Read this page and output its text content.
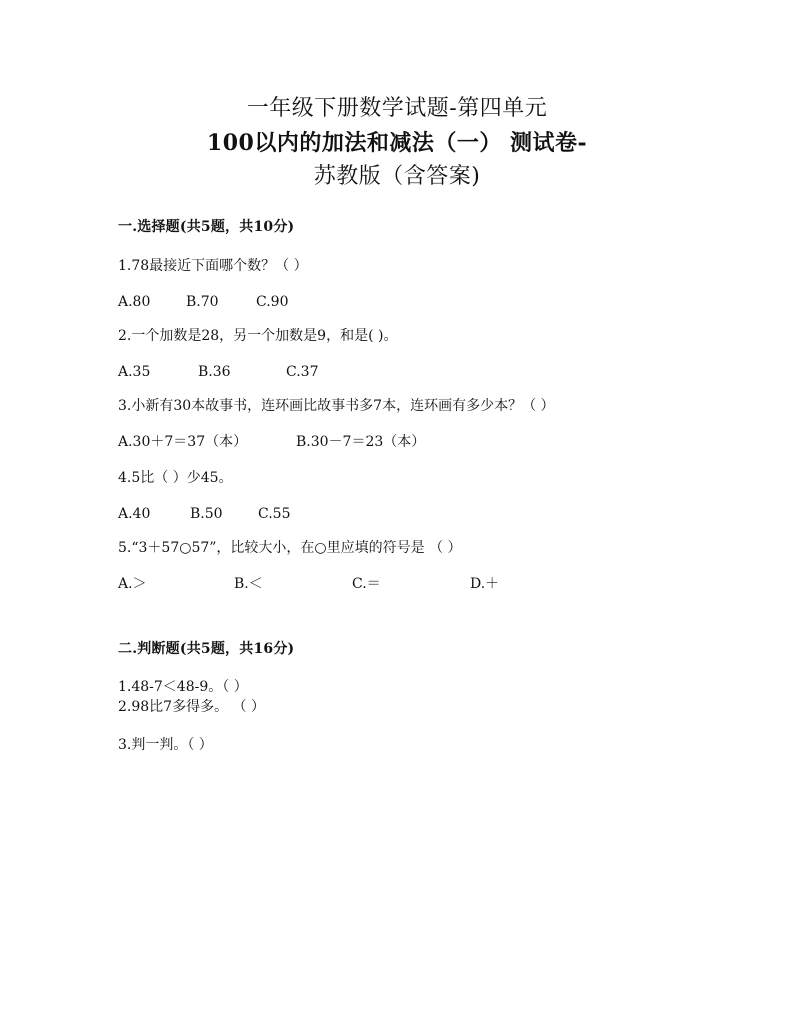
一年级下册数学试题-第四单元
100以内的加法和减法（一） 测试卷-
苏教版（含答案)
一.选择题(共5题，共10分)
1.78最接近下面哪个数？（ ）
A.80	B.70	C.90
2.一个加数是28，另一个加数是9，和是( )。
A.35	B.36	C.37
3.小新有30本故事书，连环画比故事书多7本，连环画有多少本？（ ）
A.30＋7＝37（本）	B.30－7＝23（本）
4.5比（ ）少45。
A.40	B.50	C.55
5.“3＋57○57”，比较大小，在○里应填的符号是 （ ）
A.＞	B.＜	C.＝	D.＋
二.判断题(共5题，共16分)
1.48-7＜48-9。（ ）
2.98比7多得多。 （ ）
3.判一判。（ ）
